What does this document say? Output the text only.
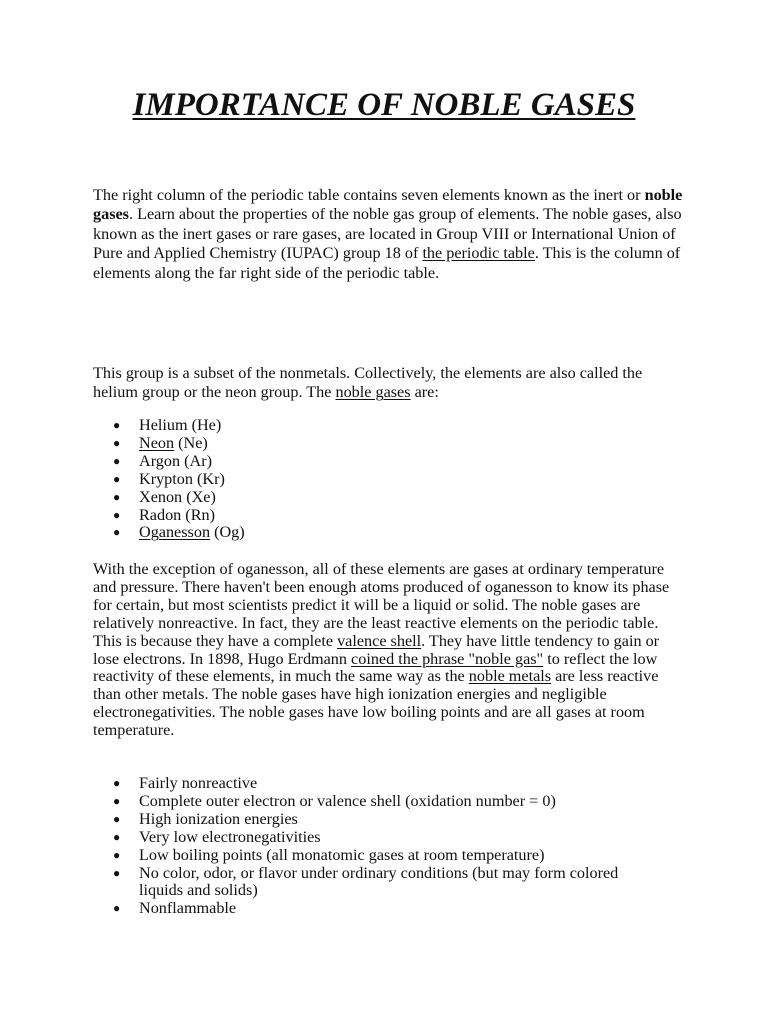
IMPORTANCE OF NOBLE GASES

The right column of the periodic table contains seven elements known as the inert or noble gases. Learn about the properties of the noble gas group of elements. The noble gases, also known as the inert gases or rare gases, are located in Group VIII or International Union of Pure and Applied Chemistry (IUPAC) group 18 of the periodic table. This is the column of elements along the far right side of the periodic table.

This group is a subset of the nonmetals. Collectively, the elements are also called the helium group or the neon group. The noble gases are:

● Helium (He)
● Neon (Ne)
● Argon (Ar)
● Krypton (Kr)
● Xenon (Xe)
● Radon (Rn)
● Oganesson (Og)

With the exception of oganesson, all of these elements are gases at ordinary temperature and pressure. There haven't been enough atoms produced of oganesson to know its phase for certain, but most scientists predict it will be a liquid or solid. The noble gases are relatively nonreactive. In fact, they are the least reactive elements on the periodic table. This is because they have a complete valence shell. They have little tendency to gain or lose electrons. In 1898, Hugo Erdmann coined the phrase "noble gas" to reflect the low reactivity of these elements, in much the same way as the noble metals are less reactive than other metals. The noble gases have high ionization energies and negligible electronegativities. The noble gases have low boiling points and are all gases at room temperature.

● Fairly nonreactive
● Complete outer electron or valence shell (oxidation number = 0)
● High ionization energies
● Very low electronegativities
● Low boiling points (all monatomic gases at room temperature)
● No color, odor, or flavor under ordinary conditions (but may form colored liquids and solids)
● Nonflammable
